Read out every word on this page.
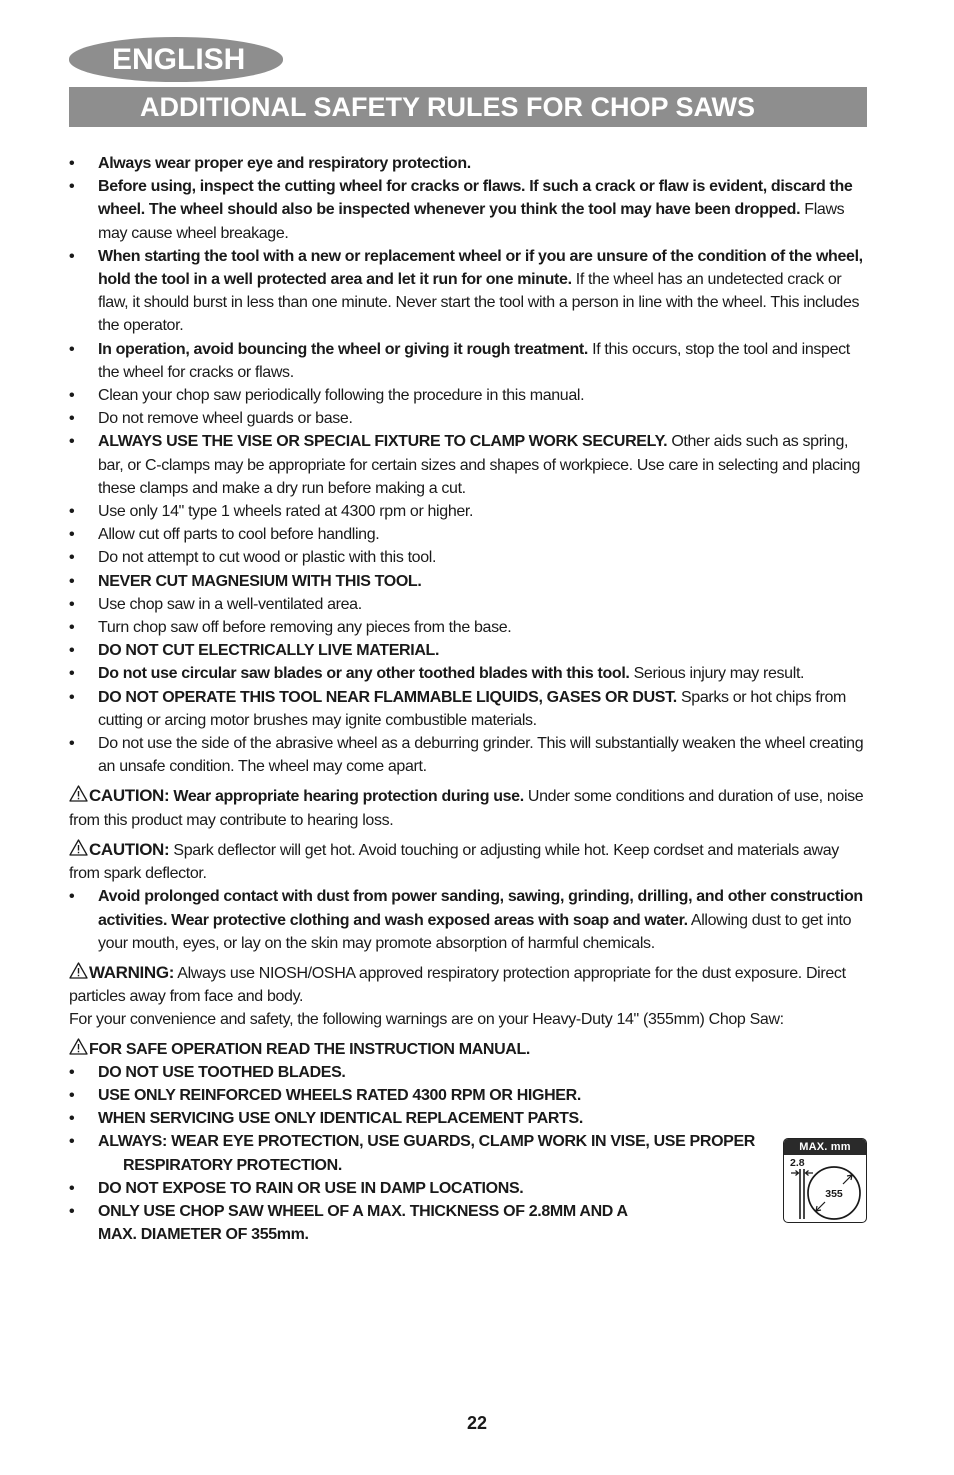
ENGLISH
ADDITIONAL SAFETY RULES FOR CHOP SAWS
• Always wear proper eye and respiratory protection.
• Before using, inspect the cutting wheel for cracks or flaws. If such a crack or flaw is evident, discard the wheel. The wheel should also be inspected whenever you think the tool may have been dropped. Flaws may cause wheel breakage.
• When starting the tool with a new or replacement wheel or if you are unsure of the condition of the wheel, hold the tool in a well protected area and let it run for one minute. If the wheel has an undetected crack or flaw, it should burst in less than one minute. Never start the tool with a person in line with the wheel. This includes the operator.
• In operation, avoid bouncing the wheel or giving it rough treatment. If this occurs, stop the tool and inspect the wheel for cracks or flaws.
• Clean your chop saw periodically following the procedure in this manual.
• Do not remove wheel guards or base.
• ALWAYS USE THE VISE OR SPECIAL FIXTURE TO CLAMP WORK SECURELY. Other aids such as spring, bar, or C-clamps may be appropriate for certain sizes and shapes of workpiece. Use care in selecting and placing these clamps and make a dry run before making a cut.
• Use only 14" type 1 wheels rated at 4300 rpm or higher.
• Allow cut off parts to cool before handling.
• Do not attempt to cut wood or plastic with this tool.
• NEVER CUT MAGNESIUM WITH THIS TOOL.
• Use chop saw in a well-ventilated area.
• Turn chop saw off before removing any pieces from the base.
• DO NOT CUT ELECTRICALLY LIVE MATERIAL.
• Do not use circular saw blades or any other toothed blades with this tool. Serious injury may result.
• DO NOT OPERATE THIS TOOL NEAR FLAMMABLE LIQUIDS, GASES OR DUST. Sparks or hot chips from cutting or arcing motor brushes may ignite combustible materials.
• Do not use the side of the abrasive wheel as a deburring grinder. This will substantially weaken the wheel creating an unsafe condition. The wheel may come apart.

CAUTION: Wear appropriate hearing protection during use. Under some conditions and duration of use, noise from this product may contribute to hearing loss.

CAUTION: Spark deflector will get hot. Avoid touching or adjusting while hot. Keep cordset and materials away from spark deflector.

• Avoid prolonged contact with dust from power sanding, sawing, grinding, drilling, and other construction activities. Wear protective clothing and wash exposed areas with soap and water. Allowing dust to get into your mouth, eyes, or lay on the skin may promote absorption of harmful chemicals.

WARNING: Always use NIOSH/OSHA approved respiratory protection appropriate for the dust exposure. Direct particles away from face and body.

For your convenience and safety, the following warnings are on your Heavy-Duty 14" (355mm) Chop Saw:

FOR SAFE OPERATION READ THE INSTRUCTION MANUAL.

• DO NOT USE TOOTHED BLADES.
• USE ONLY REINFORCED WHEELS RATED 4300 RPM OR HIGHER.
• WHEN SERVICING USE ONLY IDENTICAL REPLACEMENT PARTS.
• ALWAYS: WEAR EYE PROTECTION, USE GUARDS, CLAMP WORK IN VISE, USE PROPER
RESPIRATORY PROTECTION.
• DO NOT EXPOSE TO RAIN OR USE IN DAMP LOCATIONS.
• ONLY USE CHOP SAW WHEEL OF A MAX. THICKNESS OF 2.8MM AND A
MAX. DIAMETER OF 355mm.
MAX. mm
2.8
355
22
